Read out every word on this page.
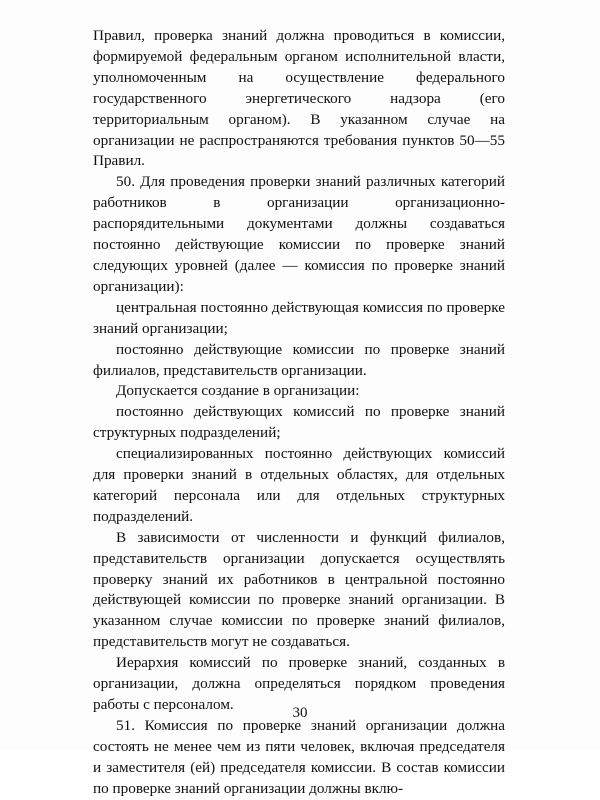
Правил, проверка знаний должна проводиться в комиссии, формируемой федеральным органом исполнительной власти, уполномоченным на осуществление федерального государственного энергетического надзора (его территориальным органом). В указанном случае на организации не распространяются требования пунктов 50—55 Правил.

50. Для проведения проверки знаний различных категорий работников в организации организационно-распорядительными документами должны создаваться постоянно действующие комиссии по проверке знаний следующих уровней (далее — комиссия по проверке знаний организации):

центральная постоянно действующая комиссия по проверке знаний организации;

постоянно действующие комиссии по проверке знаний филиалов, представительств организации.

Допускается создание в организации:

постоянно действующих комиссий по проверке знаний структурных подразделений;

специализированных постоянно действующих комиссий для проверки знаний в отдельных областях, для отдельных категорий персонала или для отдельных структурных подразделений.

В зависимости от численности и функций филиалов, представительств организации допускается осуществлять проверку знаний их работников в центральной постоянно действующей комиссии по проверке знаний организации. В указанном случае комиссии по проверке знаний филиалов, представительств могут не создаваться.

Иерархия комиссий по проверке знаний, созданных в организации, должна определяться порядком проведения работы с персоналом.

51. Комиссия по проверке знаний организации должна состоять не менее чем из пяти человек, включая председателя и заместителя (ей) председателя комиссии. В состав комиссии по проверке знаний организации должны вклю-

30
